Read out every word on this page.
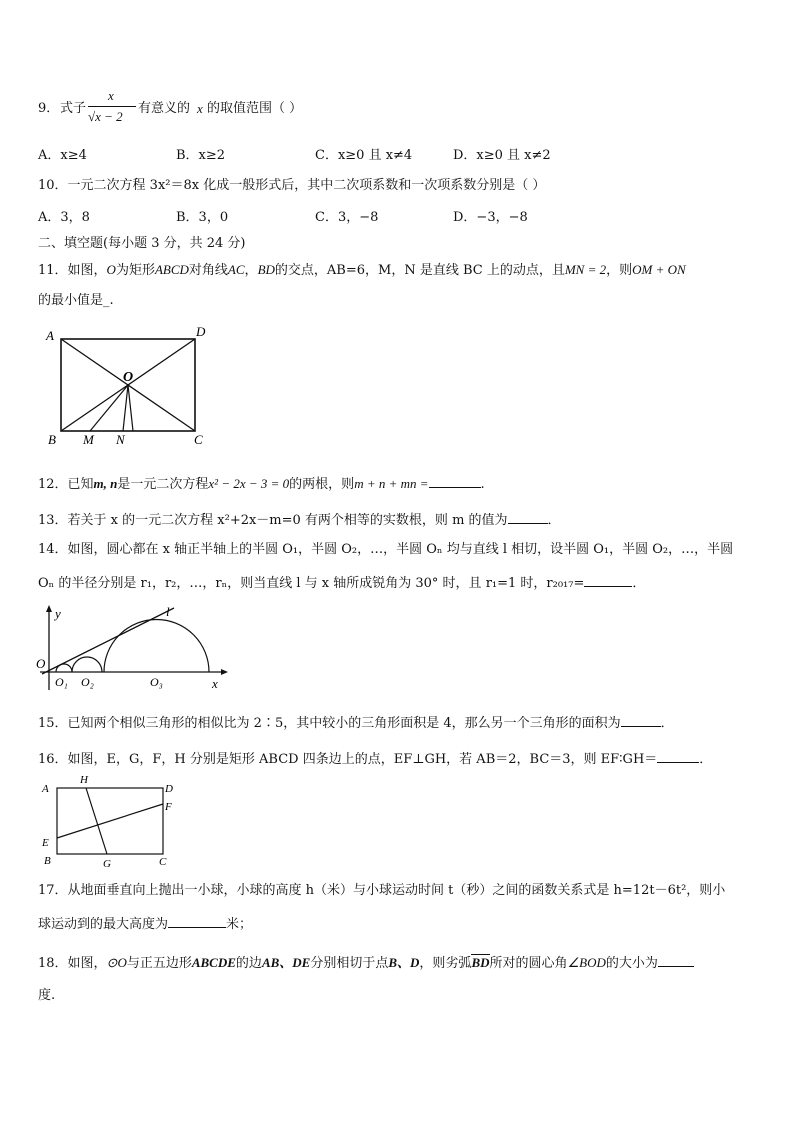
9． 式子
x
√x − 2
有意义的 x 的取值范围（ ）
A．x≥4	B．x≥2	C．x≥0 且 x≠4	D．x≥0 且 x≠2
10．一元二次方程 3x²＝8x 化成一般形式后，其中二次项系数和一次项系数分别是（ ）
A．3，8	B．3，0	C．3，−8	D．−3，−8
二、填空题(每小题 3 分，共 24 分)
11．如图，O为矩形ABCD对角线AC，BD的交点，AB=6，M，N 是直线 BC 上的动点，且MN = 2，则OM + ON
的最小值是_.
A	D
O
B M N	C
12．已知m, n是一元二次方程x² − 2x − 3 = 0的两根，则m + n + mn =	.
13．若关于 x 的一元二次方程 x²+2x－m=0 有两个相等的实数根，则 m 的值为	．
14．如图，圆心都在 x 轴正半轴上的半圆 O₁，半圆 O₂，…，半圆 Oₙ 均与直线 l 相切，设半圆 O₁，半圆 O₂，…，半圆
Oₙ 的半径分别是 r₁，r₂，…，rₙ，则当直线 l 与 x 轴所成锐角为 30° 时，且 r₁=1 时，r₂₀₁₇=	．
y	l
O
O₁ O₂	O₃	x
15．已知两个相似三角形的相似比为 2∶5，其中较小的三角形面积是 4，那么另一个三角形的面积为	．
16．如图，E，G，F，H 分别是矩形 ABCD 四条边上的点，EF⊥GH，若 AB＝2，BC＝3，则 EF∶GH＝	．
H
A	D
F
E
B	G	C
17．从地面垂直向上抛出一小球，小球的高度 h（米）与小球运动时间 t（秒）之间的函数关系式是 h=12t－6t²，则小
球运动到的最大高度为	米；
18．如图，⊙O与正五边形ABCDE的边AB、DE分别相切于点B、D，则劣弧BD所对的圆心角∠BOD的大小为
度.
